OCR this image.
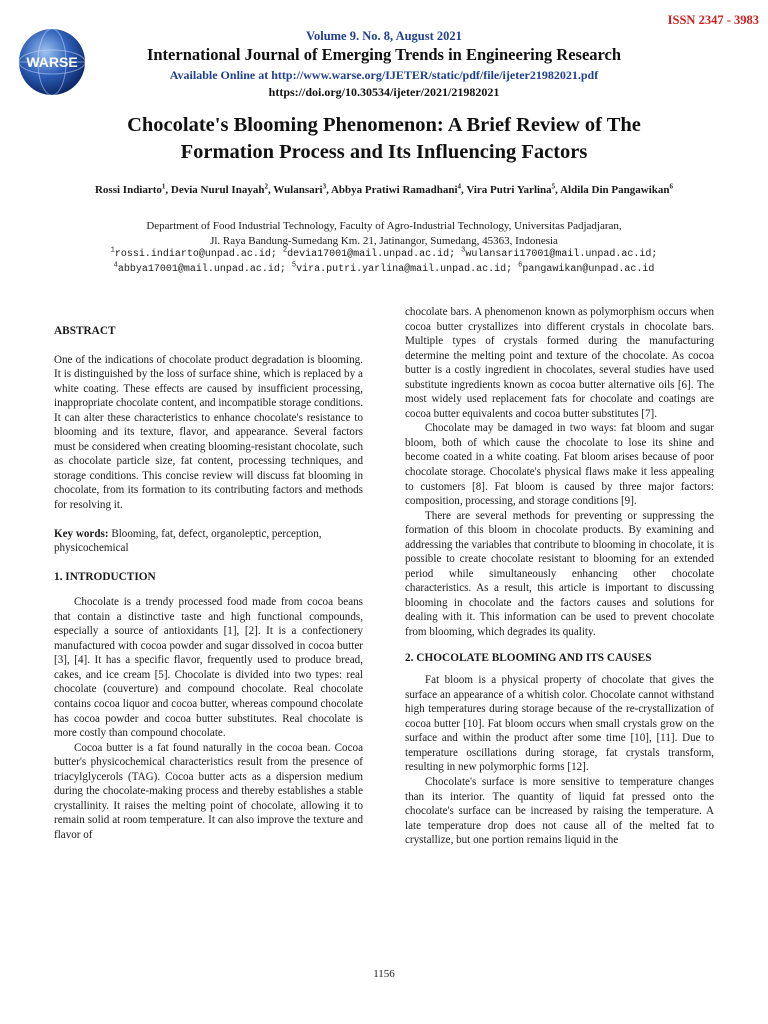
WARSE
ISSN 2347 - 3983
Volume 9. No. 8, August 2021
International Journal of Emerging Trends in Engineering Research
Available Online at http://www.warse.org/IJETER/static/pdf/file/ijeter21982021.pdf
https://doi.org/10.30534/ijeter/2021/21982021
Chocolate's Blooming Phenomenon: A Brief Review of The
Formation Process and Its Influencing Factors
Rossi Indiarto$^1$, Devia Nurul Inayah$^2$, Wulansari$^3$, Abbya Pratiwi Ramadhani$^4$, Vira Putri Yarlina$^5$, Aldila Din Pangawikan$^6$
Department of Food Industrial Technology, Faculty of Agro-Industrial Technology, Universitas Padjadjaran,
Jl. Raya Bandung-Sumedang Km. 21, Jatinangor, Sumedang, 45363, Indonesia
$^1$rossi.indiarto@unpad.ac.id; $^2$devia17001@mail.unpad.ac.id; $^3$wulansari17001@mail.unpad.ac.id;
$^4$abbya17001@mail.unpad.ac.id; $^5$vira.putri.yarlina@mail.unpad.ac.id; $^6$pangawikan@unpad.ac.id

ABSTRACT

One of the indications of chocolate product degradation is blooming. It is distinguished by the loss of surface shine, which is replaced by a white coating. These effects are caused by insufficient processing, inappropriate chocolate content, and incompatible storage conditions. It can alter these characteristics to enhance chocolate's resistance to blooming and its texture, flavor, and appearance. Several factors must be considered when creating blooming-resistant chocolate, such as chocolate particle size, fat content, processing techniques, and storage conditions. This concise review will discuss fat blooming in chocolate, from its formation to its contributing factors and methods for resolving it.

Key words: Blooming, fat, defect, organoleptic, perception, physicochemical

1. INTRODUCTION

Chocolate is a trendy processed food made from cocoa beans that contain a distinctive taste and high functional compounds, especially a source of antioxidants [1], [2]. It is a confectionery manufactured with cocoa powder and sugar dissolved in cocoa butter [3], [4]. It has a specific flavor, frequently used to produce bread, cakes, and ice cream [5]. Chocolate is divided into two types: real chocolate (couverture) and compound chocolate. Real chocolate contains cocoa liquor and cocoa butter, whereas compound chocolate has cocoa powder and cocoa butter substitutes. Real chocolate is more costly than compound chocolate.

Cocoa butter is a fat found naturally in the cocoa bean. Cocoa butter's physicochemical characteristics result from the presence of triacylglycerols (TAG). Cocoa butter acts as a dispersion medium during the chocolate-making process and thereby establishes a stable crystallinity. It raises the melting point of chocolate, allowing it to remain solid at room temperature. It can also improve the texture and flavor of

chocolate bars. A phenomenon known as polymorphism occurs when cocoa butter crystallizes into different crystals in chocolate bars. Multiple types of crystals formed during the manufacturing determine the melting point and texture of the chocolate. As cocoa butter is a costly ingredient in chocolates, several studies have used substitute ingredients known as cocoa butter alternative oils [6]. The most widely used replacement fats for chocolate and coatings are cocoa butter equivalents and cocoa butter substitutes [7].

Chocolate may be damaged in two ways: fat bloom and sugar bloom, both of which cause the chocolate to lose its shine and become coated in a white coating. Fat bloom arises because of poor chocolate storage. Chocolate's physical flaws make it less appealing to customers [8]. Fat bloom is caused by three major factors: composition, processing, and storage conditions [9].

There are several methods for preventing or suppressing the formation of this bloom in chocolate products. By examining and addressing the variables that contribute to blooming in chocolate, it is possible to create chocolate resistant to blooming for an extended period while simultaneously enhancing other chocolate characteristics. As a result, this article is important to discussing blooming in chocolate and the factors causes and solutions for dealing with it. This information can be used to prevent chocolate from blooming, which degrades its quality.

2. CHOCOLATE BLOOMING AND ITS CAUSES

Fat bloom is a physical property of chocolate that gives the surface an appearance of a whitish color. Chocolate cannot withstand high temperatures during storage because of the re-crystallization of cocoa butter [10]. Fat bloom occurs when small crystals grow on the surface and within the product after some time [10], [11]. Due to temperature oscillations during storage, fat crystals transform, resulting in new polymorphic forms [12].

Chocolate's surface is more sensitive to temperature changes than its interior. The quantity of liquid fat pressed onto the chocolate's surface can be increased by raising the temperature. A late temperature drop does not cause all of the melted fat to crystallize, but one portion remains liquid in the

1156
